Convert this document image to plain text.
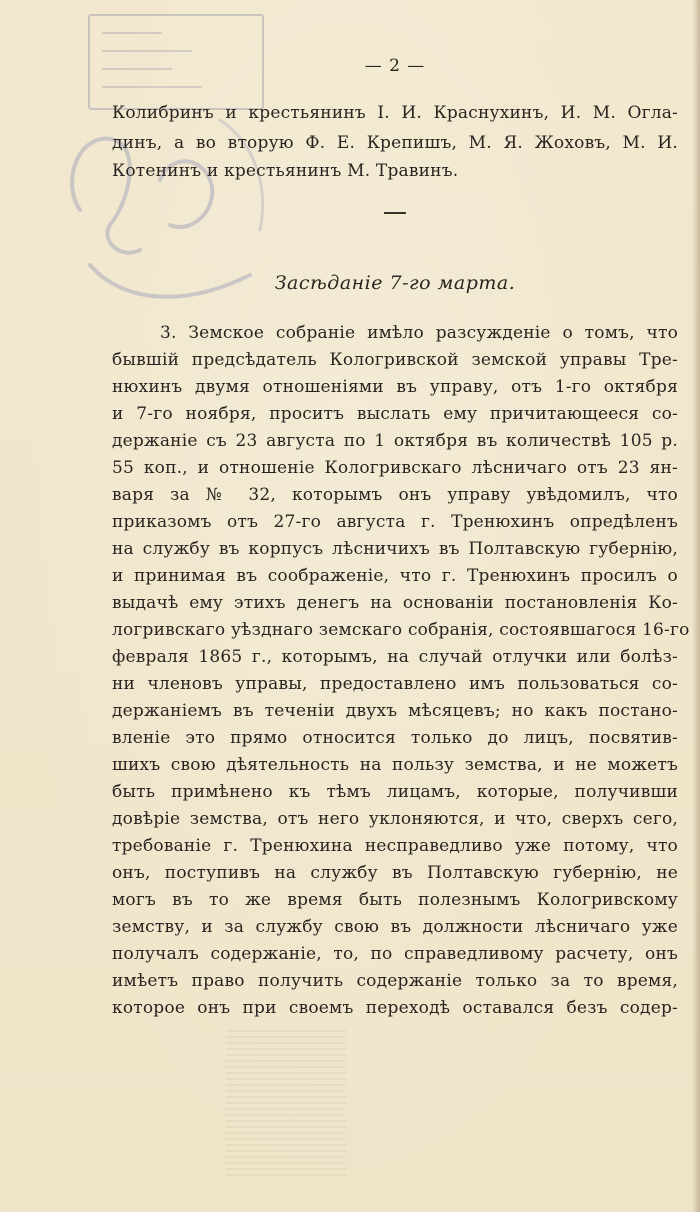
— 2 —
Колибринъ и крестьянинъ І. И. Краснухинъ, И. М. Огла-
динъ, а во вторую Ф. Е. Крепишъ, М. Я. Жоховъ, М. И.
Котенинъ и крестьянинъ М. Травинъ.
Засѣданіе 7-го марта.
3. Земское собраніе имѣло разсужденіе о томъ, что
бывшій предсѣдатель Кологривской земской управы Тре-
нюхинъ двумя отношеніями въ управу, отъ 1-го октября
и 7-го ноября, проситъ выслать ему причитающееся со-
держаніе съ 23 августа по 1 октября въ количествѣ 105 р.
55 коп., и отношеніе Кологривскаго лѣсничаго отъ 23 ян-
варя за № 32, которымъ онъ управу увѣдомилъ, что
приказомъ отъ 27-го августа г. Тренюхинъ опредѣленъ
на службу въ корпусъ лѣсничихъ въ Полтавскую губернію,
и принимая въ соображеніе, что г. Тренюхинъ просилъ о
выдачѣ ему этихъ денегъ на основаніи постановленія Ко-
логривскаго уѣзднаго земскаго собранія, состоявшагося 16-го
февраля 1865 г., которымъ, на случай отлучки или болѣз-
ни членовъ управы, предоставлено имъ пользоваться со-
держаніемъ въ теченіи двухъ мѣсяцевъ; но какъ постано-
вленіе это прямо относится только до лицъ, посвятив-
шихъ свою дѣятельность на пользу земства, и не можетъ
быть примѣнено къ тѣмъ лицамъ, которые, получивши
довѣріе земства, отъ него уклоняются, и что, сверхъ сего,
требованіе г. Тренюхина несправедливо уже потому, что
онъ, поступивъ на службу въ Полтавскую губернію, не
могъ въ то же время быть полезнымъ Кологривскому
земству, и за службу свою въ должности лѣсничаго уже
получалъ содержаніе, то, по справедливому расчету, онъ
имѣетъ право получить содержаніе только за то время,
которое онъ при своемъ переходѣ оставался безъ содер-
